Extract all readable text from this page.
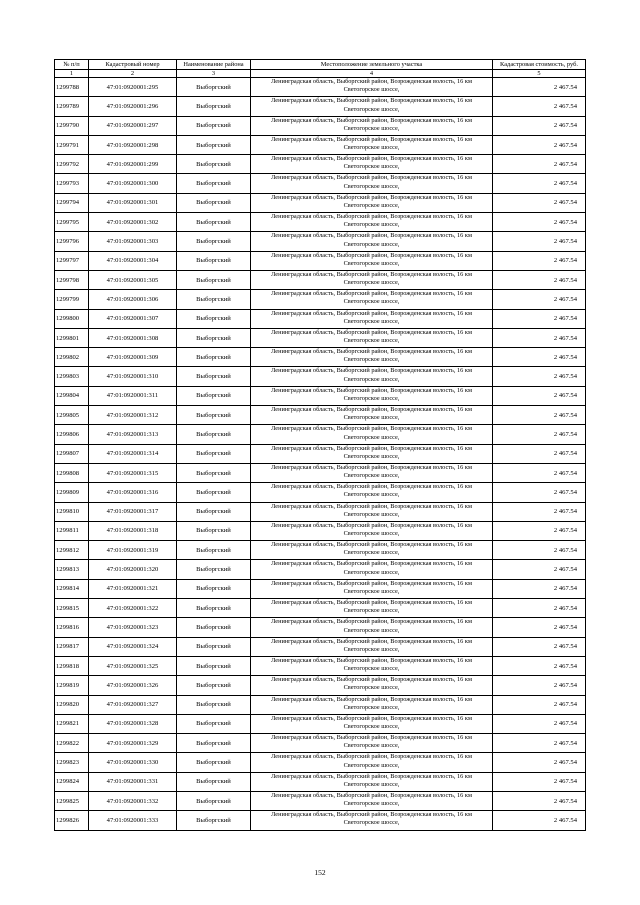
№ п/п	Кадастровый номер	Наименование района	Местоположение земельного участка	Кадастровая стоимость, руб.
1	2	3	4	5
1299788	47:01:0920001:295	Выборгский	Ленинградская область, Выборгский район, Возрожденская волость, 16 км
Светогорское шоссе,	2 467.54
1299789	47:01:0920001:296	Выборгский	Ленинградская область, Выборгский район, Возрожденская волость, 16 км
Светогорское шоссе,	2 467.54
1299790	47:01:0920001:297	Выборгский	Ленинградская область, Выборгский район, Возрожденская волость, 16 км
Светогорское шоссе,	2 467.54
1299791	47:01:0920001:298	Выборгский	Ленинградская область, Выборгский район, Возрожденская волость, 16 км
Светогорское шоссе,	2 467.54
1299792	47:01:0920001:299	Выборгский	Ленинградская область, Выборгский район, Возрожденская волость, 16 км
Светогорское шоссе,	2 467.54
1299793	47:01:0920001:300	Выборгский	Ленинградская область, Выборгский район, Возрожденская волость, 16 км
Светогорское шоссе,	2 467.54
1299794	47:01:0920001:301	Выборгский	Ленинградская область, Выборгский район, Возрожденская волость, 16 км
Светогорское шоссе,	2 467.54
1299795	47:01:0920001:302	Выборгский	Ленинградская область, Выборгский район, Возрожденская волость, 16 км
Светогорское шоссе,	2 467.54
1299796	47:01:0920001:303	Выборгский	Ленинградская область, Выборгский район, Возрожденская волость, 16 км
Светогорское шоссе,	2 467.54
1299797	47:01:0920001:304	Выборгский	Ленинградская область, Выборгский район, Возрожденская волость, 16 км
Светогорское шоссе,	2 467.54
1299798	47:01:0920001:305	Выборгский	Ленинградская область, Выборгский район, Возрожденская волость, 16 км
Светогорское шоссе,	2 467.54
1299799	47:01:0920001:306	Выборгский	Ленинградская область, Выборгский район, Возрожденская волость, 16 км
Светогорское шоссе,	2 467.54
1299800	47:01:0920001:307	Выборгский	Ленинградская область, Выборгский район, Возрожденская волость, 16 км
Светогорское шоссе,	2 467.54
1299801	47:01:0920001:308	Выборгский	Ленинградская область, Выборгский район, Возрожденская волость, 16 км
Светогорское шоссе,	2 467.54
1299802	47:01:0920001:309	Выборгский	Ленинградская область, Выборгский район, Возрожденская волость, 16 км
Светогорское шоссе,	2 467.54
1299803	47:01:0920001:310	Выборгский	Ленинградская область, Выборгский район, Возрожденская волость, 16 км
Светогорское шоссе,	2 467.54
1299804	47:01:0920001:311	Выборгский	Ленинградская область, Выборгский район, Возрожденская волость, 16 км
Светогорское шоссе,	2 467.54
1299805	47:01:0920001:312	Выборгский	Ленинградская область, Выборгский район, Возрожденская волость, 16 км
Светогорское шоссе,	2 467.54
1299806	47:01:0920001:313	Выборгский	Ленинградская область, Выборгский район, Возрожденская волость, 16 км
Светогорское шоссе,	2 467.54
1299807	47:01:0920001:314	Выборгский	Ленинградская область, Выборгский район, Возрожденская волость, 16 км
Светогорское шоссе,	2 467.54
1299808	47:01:0920001:315	Выборгский	Ленинградская область, Выборгский район, Возрожденская волость, 16 км
Светогорское шоссе,	2 467.54
1299809	47:01:0920001:316	Выборгский	Ленинградская область, Выборгский район, Возрожденская волость, 16 км
Светогорское шоссе,	2 467.54
1299810	47:01:0920001:317	Выборгский	Ленинградская область, Выборгский район, Возрожденская волость, 16 км
Светогорское шоссе,	2 467.54
1299811	47:01:0920001:318	Выборгский	Ленинградская область, Выборгский район, Возрожденская волость, 16 км
Светогорское шоссе,	2 467.54
1299812	47:01:0920001:319	Выборгский	Ленинградская область, Выборгский район, Возрожденская волость, 16 км
Светогорское шоссе,	2 467.54
1299813	47:01:0920001:320	Выборгский	Ленинградская область, Выборгский район, Возрожденская волость, 16 км
Светогорское шоссе,	2 467.54
1299814	47:01:0920001:321	Выборгский	Ленинградская область, Выборгский район, Возрожденская волость, 16 км
Светогорское шоссе,	2 467.54
1299815	47:01:0920001:322	Выборгский	Ленинградская область, Выборгский район, Возрожденская волость, 16 км
Светогорское шоссе,	2 467.54
1299816	47:01:0920001:323	Выборгский	Ленинградская область, Выборгский район, Возрожденская волость, 16 км
Светогорское шоссе,	2 467.54
1299817	47:01:0920001:324	Выборгский	Ленинградская область, Выборгский район, Возрожденская волость, 16 км
Светогорское шоссе,	2 467.54
1299818	47:01:0920001:325	Выборгский	Ленинградская область, Выборгский район, Возрожденская волость, 16 км
Светогорское шоссе,	2 467.54
1299819	47:01:0920001:326	Выборгский	Ленинградская область, Выборгский район, Возрожденская волость, 16 км
Светогорское шоссе,	2 467.54
1299820	47:01:0920001:327	Выборгский	Ленинградская область, Выборгский район, Возрожденская волость, 16 км
Светогорское шоссе,	2 467.54
1299821	47:01:0920001:328	Выборгский	Ленинградская область, Выборгский район, Возрожденская волость, 16 км
Светогорское шоссе,	2 467.54
1299822	47:01:0920001:329	Выборгский	Ленинградская область, Выборгский район, Возрожденская волость, 16 км
Светогорское шоссе,	2 467.54
1299823	47:01:0920001:330	Выборгский	Ленинградская область, Выборгский район, Возрожденская волость, 16 км
Светогорское шоссе,	2 467.54
1299824	47:01:0920001:331	Выборгский	Ленинградская область, Выборгский район, Возрожденская волость, 16 км
Светогорское шоссе,	2 467.54
1299825	47:01:0920001:332	Выборгский	Ленинградская область, Выборгский район, Возрожденская волость, 16 км
Светогорское шоссе,	2 467.54
1299826	47:01:0920001:333	Выборгский	Ленинградская область, Выборгский район, Возрожденская волость, 16 км
Светогорское шоссе,	2 467.54
152
